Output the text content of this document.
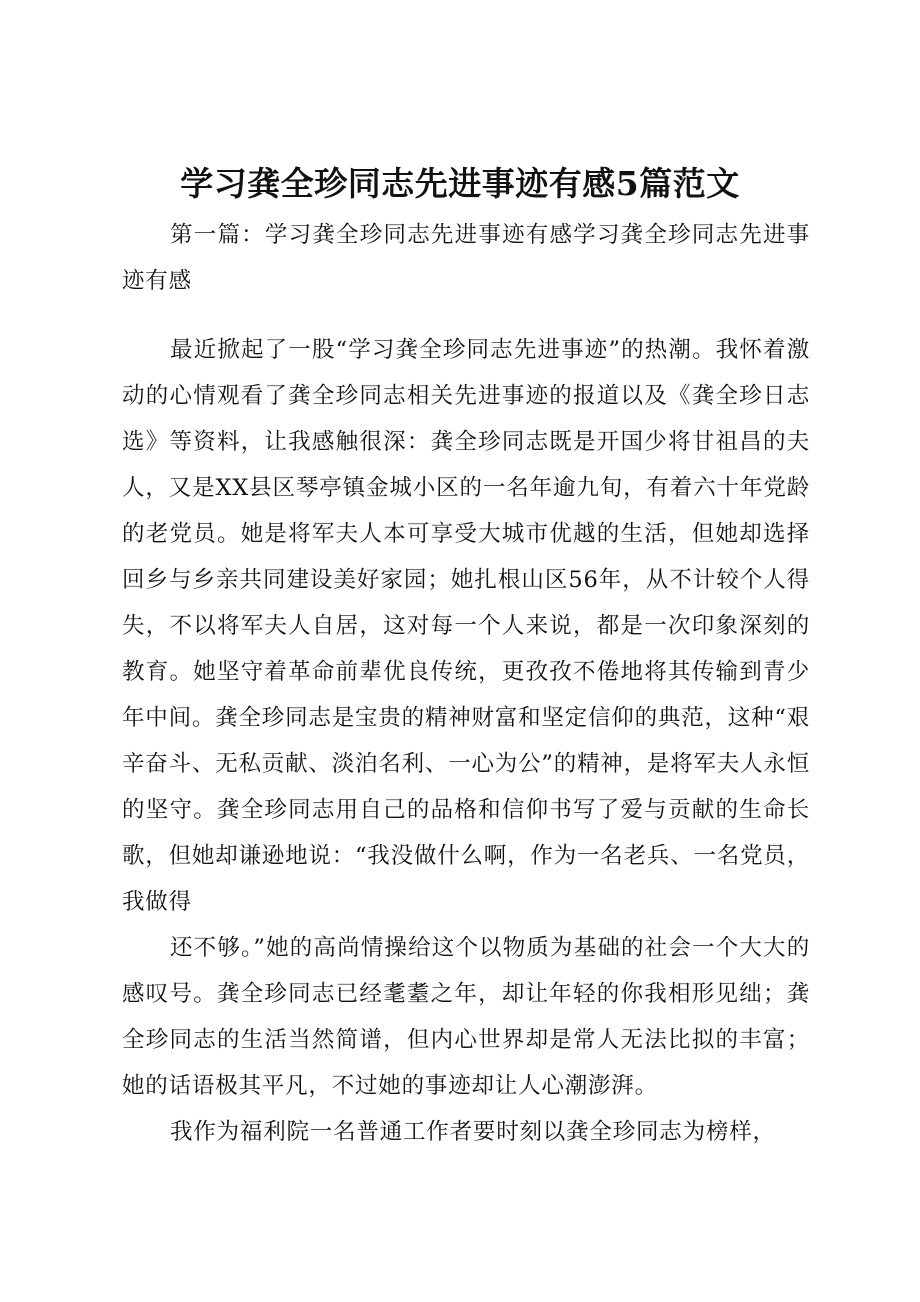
学习龚全珍同志先进事迹有感5篇范文

第一篇：学习龚全珍同志先进事迹有感学习龚全珍同志先进事迹有感

最近掀起了一股“学习龚全珍同志先进事迹”的热潮。我怀着激动的心情观看了龚全珍同志相关先进事迹的报道以及《龚全珍日志选》等资料，让我感触很深：龚全珍同志既是开国少将甘祖昌的夫人，又是XX县区琴亭镇金城小区的一名年逾九旬，有着六十年党龄的老党员。她是将军夫人本可享受大城市优越的生活，但她却选择回乡与乡亲共同建设美好家园；她扎根山区56年，从不计较个人得失，不以将军夫人自居，这对每一个人来说，都是一次印象深刻的教育。她坚守着革命前辈优良传统，更孜孜不倦地将其传输到青少年中间。龚全珍同志是宝贵的精神财富和坚定信仰的典范，这种“艰辛奋斗、无私贡献、淡泊名利、一心为公”的精神，是将军夫人永恒的坚守。龚全珍同志用自己的品格和信仰书写了爱与贡献的生命长歌，但她却谦逊地说：“我没做什么啊，作为一名老兵、一名党员，我做得

还不够。”她的高尚情操给这个以物质为基础的社会一个大大的感叹号。龚全珍同志已经耄耋之年，却让年轻的你我相形见绌；龚全珍同志的生活当然简谱，但内心世界却是常人无法比拟的丰富；她的话语极其平凡，不过她的事迹却让人心潮澎湃。

我作为福利院一名普通工作者要时刻以龚全珍同志为榜样，
